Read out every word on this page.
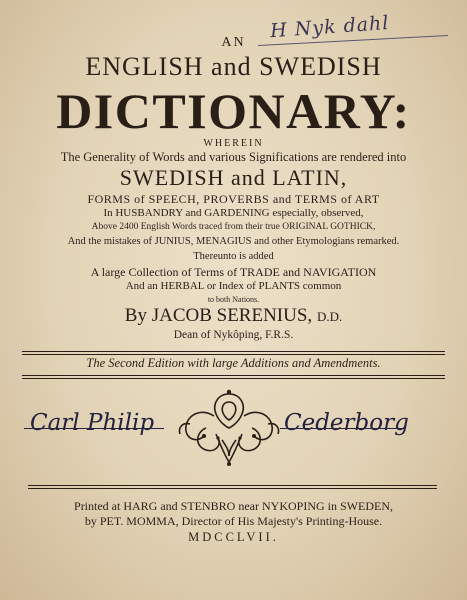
H Nyk dahl
AN
ENGLISH and SWEDISH
DICTIONARY:
WHEREIN
The Generality of Words and various Significations are rendered into
SWEDISH and LATIN,
FORMS of SPEECH, PROVERBS and TERMS of ART
In HUSBANDRY and GARDENING especially, observed,
Above 2400 English Words traced from their true ORIGINAL GOTHICK,
And the mistakes of JUNIUS, MENAGIUS and other Etymologians remarked.
Thereunto is added
A large Collection of Terms of TRADE and NAVIGATION
And an HERBAL or Index of PLANTS common
to both Nations.
By JACOB SERENIUS, D.D.
Dean of Nykôping, F.R.S.
The Second Edition with large Additions and Amendments.
Carl Philip	Cederborg
Printed at HARG and STENBRO near NYKOPING in SWEDEN,
by PET. MOMMA, Director of His Majesty's Printing-House.
MDCCLVII.
